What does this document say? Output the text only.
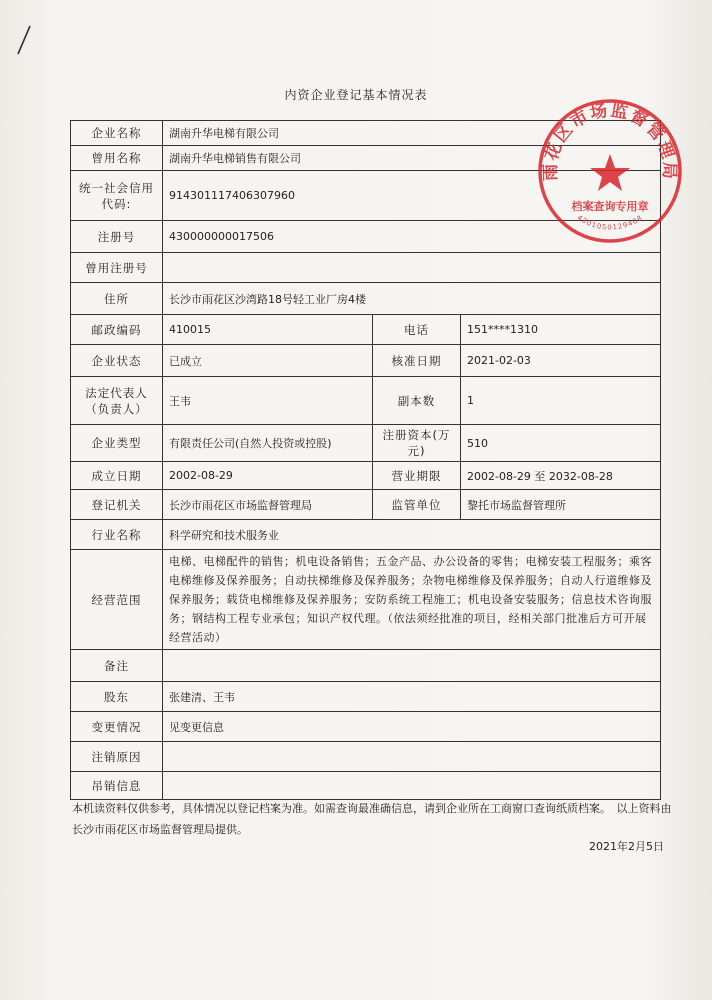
内资企业登记基本情况表
企业名称	湖南升华电梯有限公司		
曾用名称	湖南升华电梯销售有限公司		
统一社会信用代码:	914301117406307960		
注册号	430000000017506		
曾用注册号			
住所	长沙市雨花区沙湾路18号轻工业厂房4楼		
邮政编码	410015	电话	151****1310
企业状态	已成立	核准日期	2021-02-03
法定代表人（负责人）	王韦	副本数	1
企业类型	有限责任公司(自然人投资或控股)	注册资本(万元)	510
成立日期	2002-08-29	营业期限	2002-08-29 至 2032-08-28
登记机关	长沙市雨花区市场监督管理局	监管单位	黎托市场监督管理所
行业名称	科学研究和技术服务业		
经营范围	电梯、电梯配件的销售；机电设备销售；五金产品、办公设备的零售；电梯安装工程服务；乘客电梯维修及保养服务；自动扶梯维修及保养服务；杂物电梯维修及保养服务；自动人行道维修及保养服务；载货电梯维修及保养服务；安防系统工程施工；机电设备安装服务；信息技术咨询服务；钢结构工程专业承包；知识产权代理。（依法须经批准的项目，经相关部门批准后方可开展经营活动）		
备注			
股东	张建清、王韦		
变更情况	见变更信息		
注销原因			
吊销信息			
本机读资料仅供参考，具体情况以登记档案为准。如需查询最准确信息，请到企业所在工商窗口查询纸质档案。　以上资料由长沙市雨花区市场监督管理局提供。
2021年2月5日
雨花区市场监督管理局
档案查询专用章
4301050129408
